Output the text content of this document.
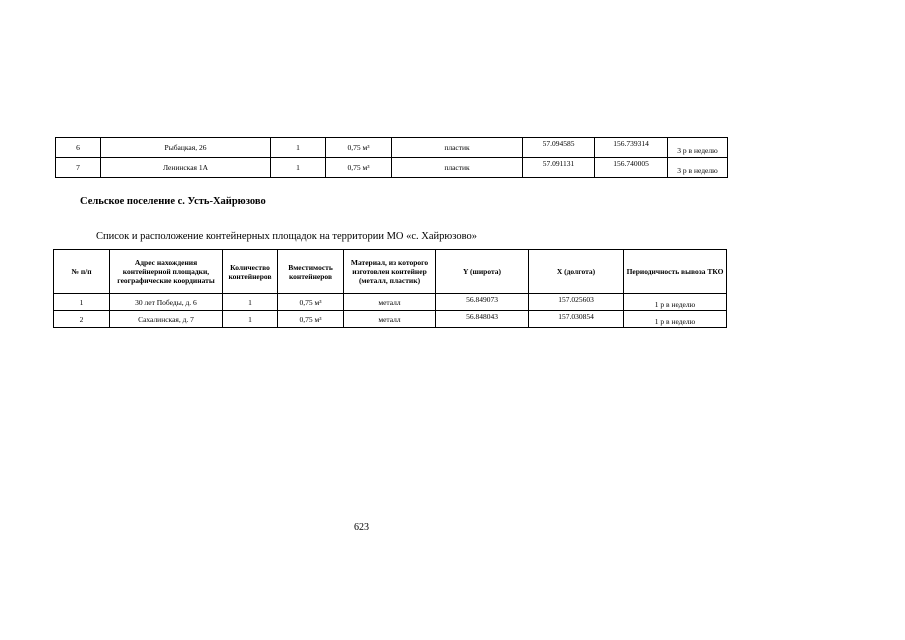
6	Рыбацкая, 26	1	0,75 м³	пластик	57.094585	156.739314	3 р в неделю
7	Ленинская 1А	1	0,75 м³	пластик	57.091131	156.740005	3 р в неделю

Сельское поселение с. Усть-Хайрюзово

Список и расположение контейнерных площадок на территории МО «с. Хайрюзово»

№ п/п	Адрес нахождения контейнерной площадки, географические координаты	Количество контейнеров	Вместимость контейнеров	Материал, из которого изготовлен контейнер (металл, пластик)	Y (широта)	X (долгота)	Периодичность вывоза ТКО
1	30 лет Победы, д. 6	1	0,75 м³	металл	56.849073	157.025603	1 р в неделю
2	Сахалинская, д. 7	1	0,75 м³	металл	56.848043	157.030854	1 р в неделю
623
